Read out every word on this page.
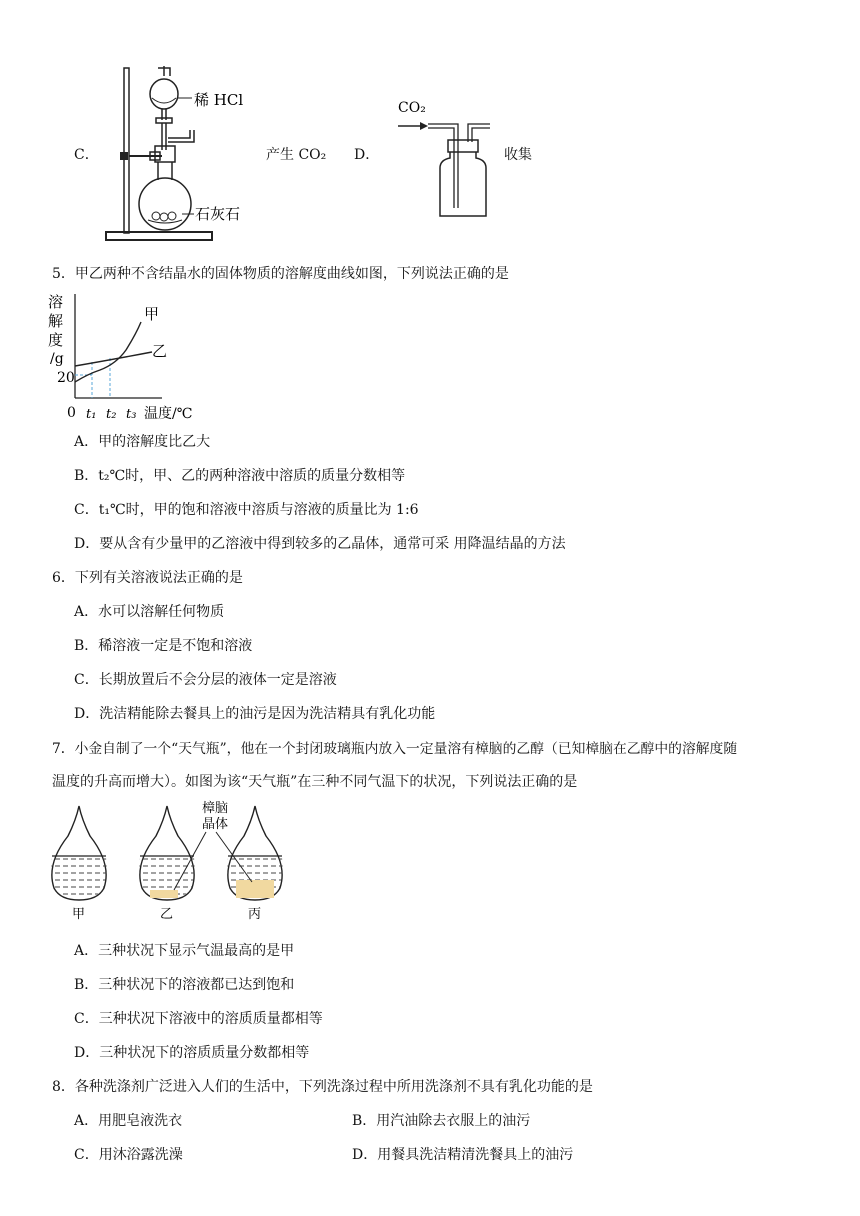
C．
稀 HCl
石灰石
产生 CO₂ D．
CO₂
收集
5．甲乙两种不含结晶水的固体物质的溶解度曲线如图，下列说法正确的是
溶
解
度
/g
20
0 t₁ t₂ t₃ 温度/℃
甲
乙
A．甲的溶解度比乙大
B．t₂℃时，甲、乙的两种溶液中溶质的质量分数相等
C．t₁℃时，甲的饱和溶液中溶质与溶液的质量比为 1:6
D．要从含有少量甲的乙溶液中得到较多的乙晶体，通常可采 用降温结晶的方法
6．下列有关溶液说法正确的是
A．水可以溶解任何物质
B．稀溶液一定是不饱和溶液
C．长期放置后不会分层的液体一定是溶液
D．洗洁精能除去餐具上的油污是因为洗洁精具有乳化功能
7．小金自制了一个“天气瓶”，他在一个封闭玻璃瓶内放入一定量溶有樟脑的乙醇（已知樟脑在乙醇中的溶解度随
温度的升高而增大）。如图为该“天气瓶”在三种不同气温下的状况，下列说法正确的是
甲	乙	丙
樟脑
晶体
A．三种状况下显示气温最高的是甲
B．三种状况下的溶液都已达到饱和
C．三种状况下溶液中的溶质质量都相等
D．三种状况下的溶质质量分数都相等
8．各种洗涤剂广泛进入人们的生活中，下列洗涤过程中所用洗涤剂不具有乳化功能的是
A．用肥皂液洗衣	B．用汽油除去衣服上的油污
C．用沐浴露洗澡	D．用餐具洗洁精清洗餐具上的油污
